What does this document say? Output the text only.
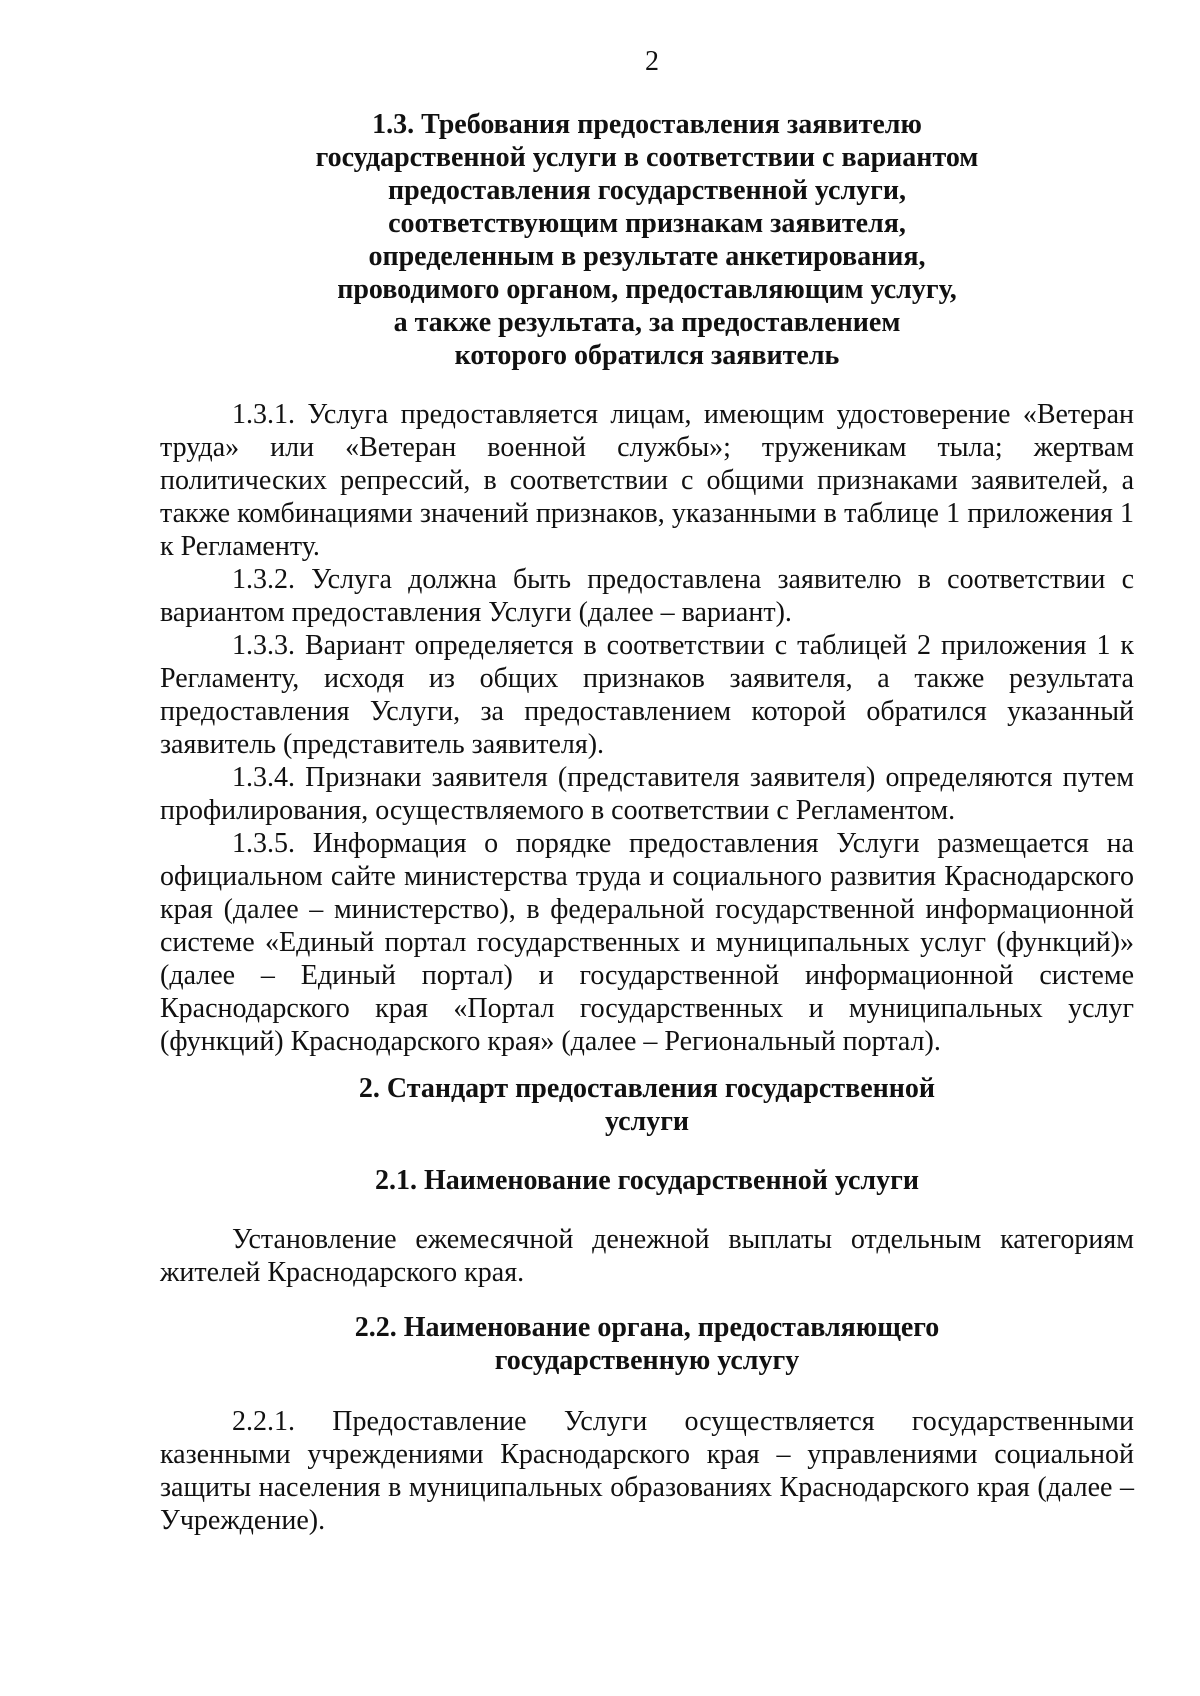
2
1.3. Требования предоставления заявителю
государственной услуги в соответствии с вариантом
предоставления государственной услуги,
соответствующим признакам заявителя,
определенным в результате анкетирования,
проводимого органом, предоставляющим услугу,
а также результата, за предоставлением
которого обратился заявитель

1.3.1. Услуга предоставляется лицам, имеющим удостоверение «Ветеран труда» или «Ветеран военной службы»; труженикам тыла; жертвам политических репрессий, в соответствии с общими признаками заявителей, а также комбинациями значений признаков, указанными в таблице 1 приложения 1 к Регламенту.

1.3.2. Услуга должна быть предоставлена заявителю в соответствии с вариантом предоставления Услуги (далее – вариант).

1.3.3. Вариант определяется в соответствии с таблицей 2 приложения 1 к Регламенту, исходя из общих признаков заявителя, а также результата предоставления Услуги, за предоставлением которой обратился указанный заявитель (представитель заявителя).

1.3.4. Признаки заявителя (представителя заявителя) определяются путем профилирования, осуществляемого в соответствии с Регламентом.

1.3.5. Информация о порядке предоставления Услуги размещается на официальном сайте министерства труда и социального развития Краснодарского края (далее – министерство), в федеральной государственной информационной системе «Единый портал государственных и муниципальных услуг (функций)» (далее – Единый портал) и государственной информационной системе Краснодарского края «Портал государственных и муниципальных услуг (функций) Краснодарского края» (далее – Региональный портал).

2. Стандарт предоставления государственной
услуги
2.1. Наименование государственной услуги

Установление ежемесячной денежной выплаты отдельным категориям жителей Краснодарского края.

2.2. Наименование органа, предоставляющего
государственную услугу

2.2.1. Предоставление Услуги осуществляется государственными казенными учреждениями Краснодарского края – управлениями социальной защиты населения в муниципальных образованиях Краснодарского края (далее – Учреждение).
